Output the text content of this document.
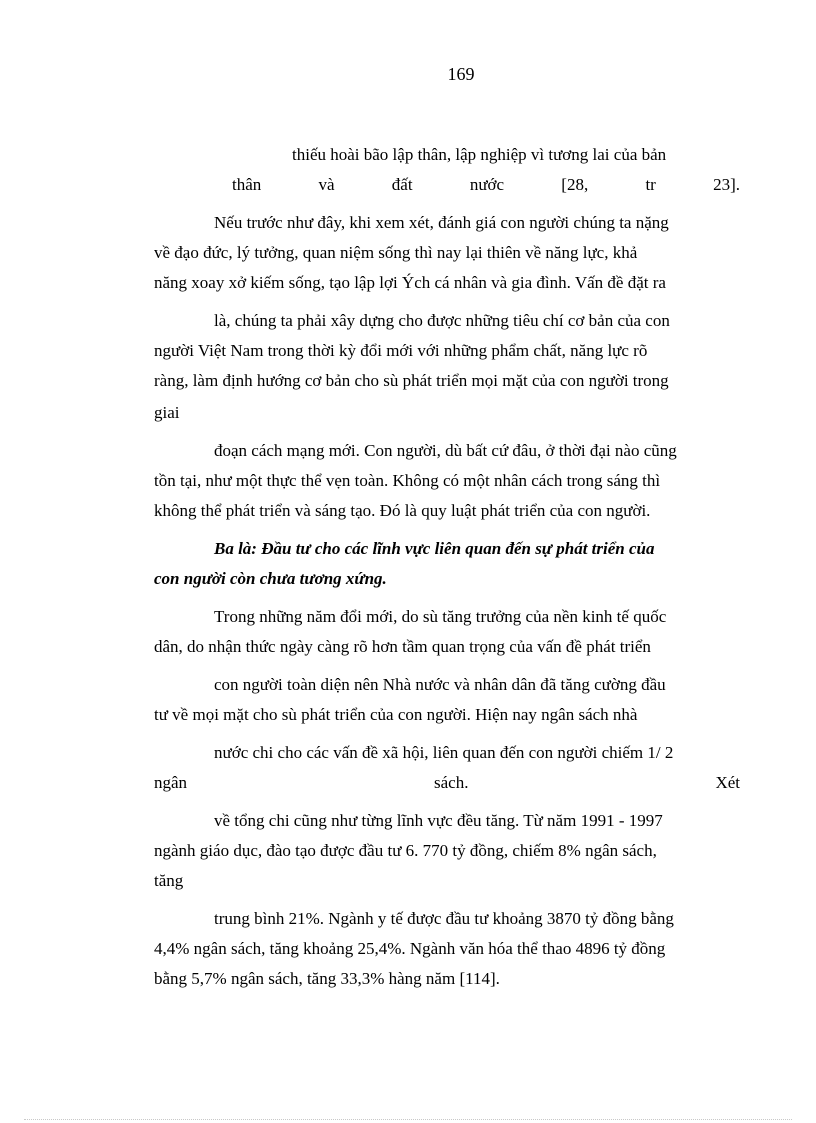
169
thiếu hoài bão lập thân, lập nghiệp vì tương lai của bản
thân	và	đất	nước	[28,	tr	23].
Nếu trước như đây, khi xem xét, đánh giá con người chúng ta nặng
về đạo đức, lý tưởng, quan niệm sống thì nay lại thiên về năng lực, khả
năng xoay xở kiếm sống, tạo lập lợi Ých cá nhân và gia đình. Vấn đề đặt ra
là, chúng ta phải xây dựng cho được những tiêu chí cơ bản của con
người Việt Nam trong thời kỳ đổi mới với những phẩm chất, năng lực rõ
ràng, làm định hướng cơ bản cho sù phát triển mọi mặt của con người trong
giai
đoạn cách mạng mới. Con người, dù bất cứ đâu, ở thời đại nào cũng
tồn tại, như một thực thể vẹn toàn. Không có một nhân cách trong sáng thì
không thể phát triển và sáng tạo. Đó là quy luật phát triển của con người.
Ba là: Đầu tư cho các lĩnh vực liên quan đến sự phát triển của
con người còn chưa tương xứng.
Trong những năm đổi mới, do sù tăng trưởng của nền kinh tế quốc
dân, do nhận thức ngày càng rõ hơn tầm quan trọng của vấn đề phát triển
con người toàn diện nên Nhà nước và nhân dân đã tăng cường đầu
tư về mọi mặt cho sù phát triển của con người. Hiện nay ngân sách nhà
nước chi cho các vấn đề xã hội, liên quan đến con người chiếm 1/ 2
ngân	sách.	Xét
về tổng chi cũng như từng lĩnh vực đều tăng. Từ năm 1991 - 1997
ngành giáo dục, đào tạo được đầu tư 6. 770 tỷ đồng, chiếm 8% ngân sách,
tăng
trung bình 21%. Ngành y tế được đầu tư khoảng 3870 tỷ đồng bằng
4,4% ngân sách, tăng khoảng 25,4%. Ngành văn hóa thể thao 4896 tỷ đồng
bằng 5,7% ngân sách, tăng 33,3% hàng năm [114].
